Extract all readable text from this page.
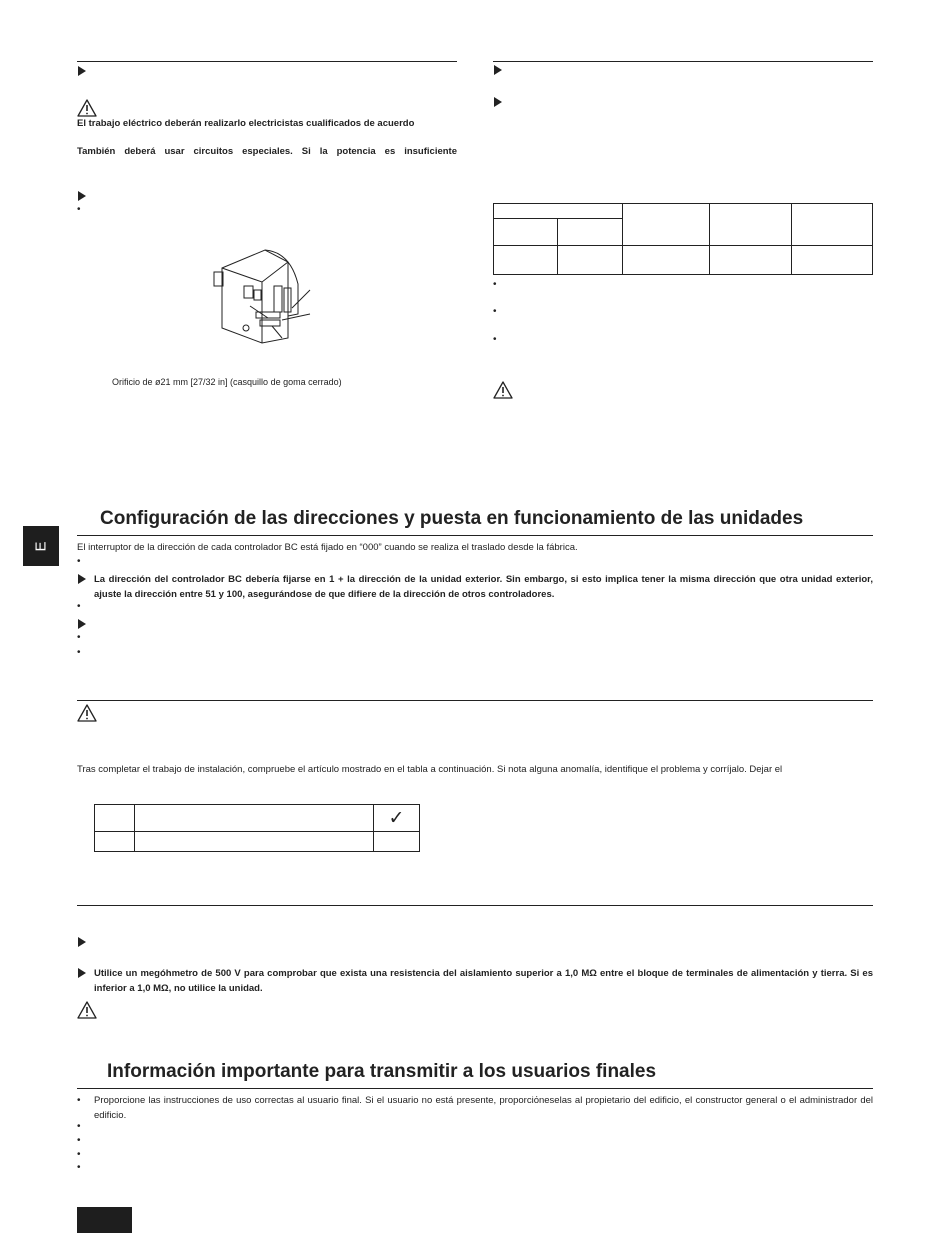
El trabajo eléctrico deberán realizarlo electricistas cualificados de acuerdo
También deberá usar circuitos especiales. Si la potencia es insuficiente
•
Orificio de ø21 mm [27/32 in] (casquillo de goma cerrado)

•
•
•
E
Configuración de las direcciones y puesta en funcionamiento de las unidades
El interruptor de la dirección de cada controlador BC está fijado en “000” cuando se realiza el traslado desde la fábrica.
•
La dirección del controlador BC debería fijarse en 1 + la dirección de la unidad exterior. Sin embargo, si esto implica tener la misma dirección que otra unidad exterior, ajuste la dirección entre 51 y 100, asegurándose de que difiere de la dirección de otros controladores.
•
•
•
Tras completar el trabajo de instalación, compruebe el artículo mostrado en el tabla a continuación. Si nota alguna anomalía, identifique el problema y corríjalo. Dejar el
		✓

Utilice un megóhmetro de 500 V para comprobar que exista una resistencia del aislamiento superior a 1,0 MΩ entre el bloque de terminales de alimentación y tierra. Si es inferior a 1,0 MΩ, no utilice la unidad.
Información importante para transmitir a los usuarios finales
• Proporcione las instrucciones de uso correctas al usuario final. Si el usuario no está presente, proporciόneselas al propietario del edificio, el constructor general o el administrador del edificio.
•
•
•
•
